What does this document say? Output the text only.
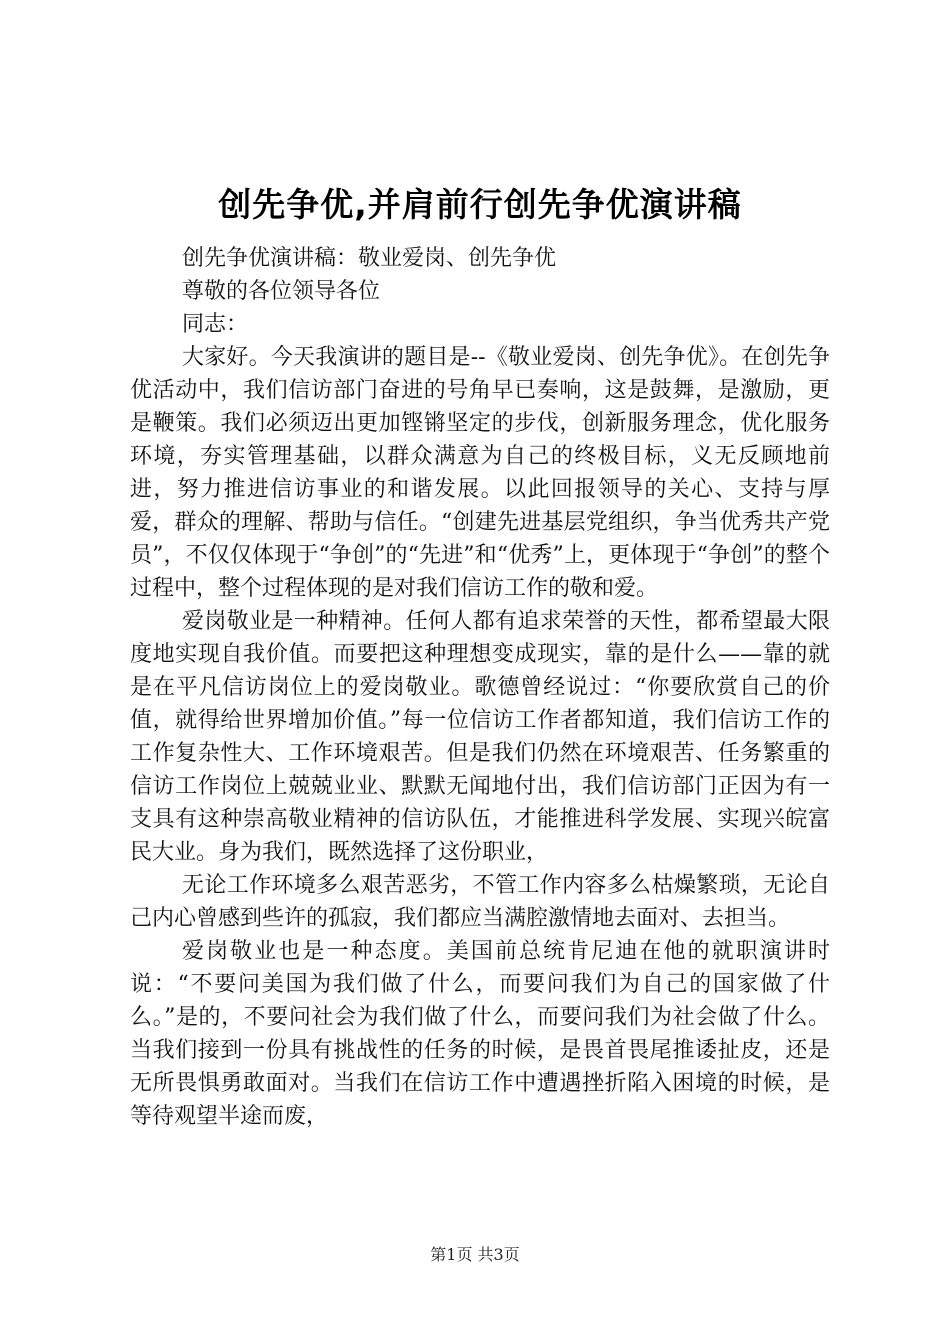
创先争优,并肩前行创先争优演讲稿

创先争优演讲稿：敬业爱岗、创先争优

尊敬的各位领导各位

同志：

大家好。今天我演讲的题目是--《敬业爱岗、创先争优》。在创先争优活动中，我们信访部门奋进的号角早已奏响，这是鼓舞，是激励，更是鞭策。我们必须迈出更加铿锵坚定的步伐，创新服务理念，优化服务环境，夯实管理基础，以群众满意为自己的终极目标，义无反顾地前进，努力推进信访事业的和谐发展。以此回报领导的关心、支持与厚爱，群众的理解、帮助与信任。“创建先进基层党组织，争当优秀共产党员”，不仅仅体现于“争创”的“先进”和“优秀”上，更体现于“争创”的整个过程中，整个过程体现的是对我们信访工作的敬和爱。

爱岗敬业是一种精神。任何人都有追求荣誉的天性，都希望最大限度地实现自我价值。而要把这种理想变成现实，靠的是什么——靠的就是在平凡信访岗位上的爱岗敬业。歌德曾经说过：“你要欣赏自己的价值，就得给世界增加价值。”每一位信访工作者都知道，我们信访工作的工作复杂性大、工作环境艰苦。但是我们仍然在环境艰苦、任务繁重的信访工作岗位上兢兢业业、默默无闻地付出，我们信访部门正因为有一支具有这种崇高敬业精神的信访队伍，才能推进科学发展、实现兴皖富民大业。身为我们，既然选择了这份职业，

无论工作环境多么艰苦恶劣，不管工作内容多么枯燥繁琐，无论自己内心曾感到些许的孤寂，我们都应当满腔激情地去面对、去担当。

爱岗敬业也是一种态度。美国前总统肯尼迪在他的就职演讲时说：“不要问美国为我们做了什么，而要问我们为自己的国家做了什么。”是的，不要问社会为我们做了什么，而要问我们为社会做了什么。当我们接到一份具有挑战性的任务的时候，是畏首畏尾推诿扯皮，还是无所畏惧勇敢面对。当我们在信访工作中遭遇挫折陷入困境的时候，是等待观望半途而废，

第1页 共3页
